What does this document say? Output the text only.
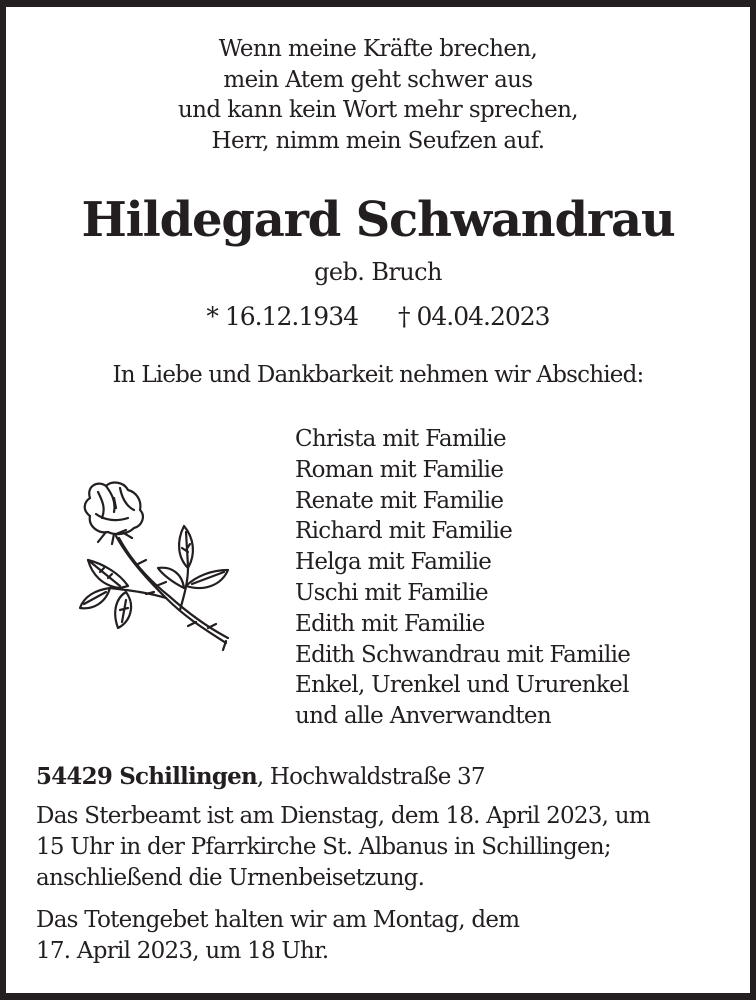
Wenn meine Kräfte brechen,
mein Atem geht schwer aus
und kann kein Wort mehr sprechen,
Herr, nimm mein Seufzen auf.
Hildegard Schwandrau
geb. Bruch
* 16.12.1934 † 04.04.2023
In Liebe und Dankbarkeit nehmen wir Abschied:
Christa mit Familie
Roman mit Familie
Renate mit Familie
Richard mit Familie
Helga mit Familie
Uschi mit Familie
Edith mit Familie
Edith Schwandrau mit Familie
Enkel, Urenkel und Ururenkel
und alle Anverwandten
54429 Schillingen, Hochwaldstraße 37
Das Sterbeamt ist am Dienstag, dem 18. April 2023, um
15 Uhr in der Pfarrkirche St. Albanus in Schillingen;
anschließend die Urnenbeisetzung.
Das Totengebet halten wir am Montag, dem
17. April 2023, um 18 Uhr.
